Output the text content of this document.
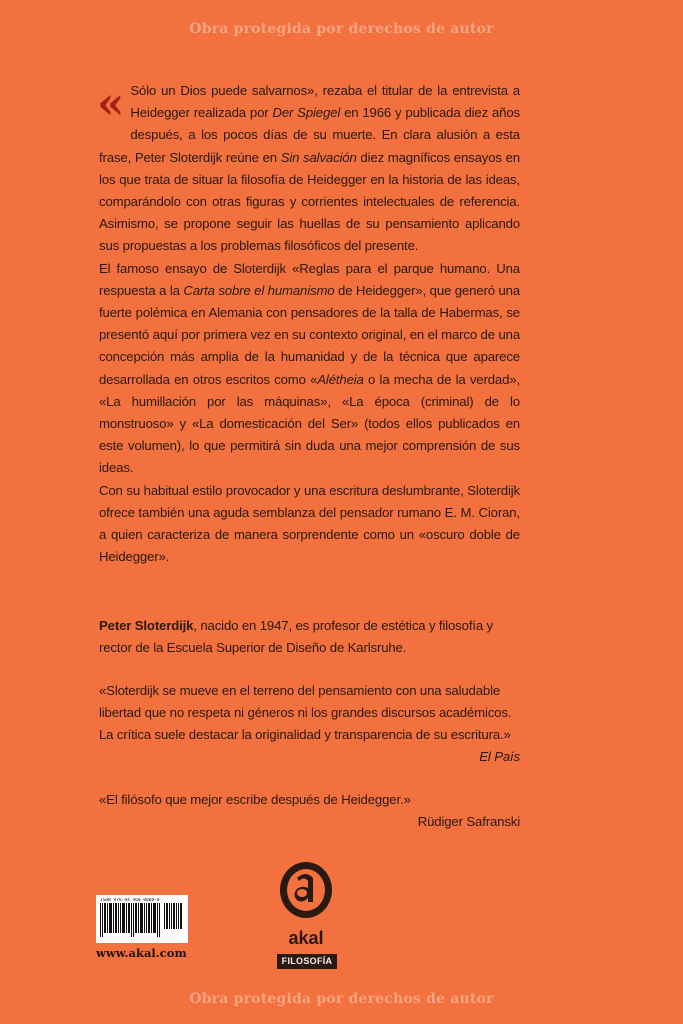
Obra protegida por derechos de autor
« Sólo un Dios puede salvarnos», rezaba el titular de la entrevista a Heidegger realizada por Der Spiegel en 1966 y publicada diez años después, a los pocos días de su muerte. En clara alusión a esta frase, Peter Sloterdijk reúne en Sin salvación diez magníficos ensayos en los que trata de situar la filosofía de Heidegger en la historia de las ideas, comparándolo con otras figuras y corrientes intelectuales de referencia. Asimismo, se propone seguir las huellas de su pensamiento aplicando sus propuestas a los problemas filosóficos del presente.

El famoso ensayo de Sloterdijk «Reglas para el parque humano. Una respuesta a la Carta sobre el humanismo de Heidegger», que generó una fuerte polémica en Alemania con pensadores de la talla de Habermas, se presentó aquí por primera vez en su contexto original, en el marco de una concepción más amplia de la humanidad y de la técnica que aparece desarrollada en otros escritos como «Alétheia o la mecha de la verdad», «La humillación por las máquinas», «La época (criminal) de lo monstruoso» y «La domesticación del Ser» (todos ellos publicados en este volumen), lo que permitirá sin duda una mejor comprensión de sus ideas.

Con su habitual estilo provocador y una escritura deslumbrante, Sloterdijk ofrece también una aguda semblanza del pensador rumano E. M. Cioran, a quien caracteriza de manera sorprendente como un «oscuro doble de Heidegger».

Peter Sloterdijk, nacido en 1947, es profesor de estética y filosofía y rector de la Escuela Superior de Diseño de Karlsruhe.

«Sloterdijk se mueve en el terreno del pensamiento con una saludable libertad que no respeta ni géneros ni los grandes discursos académicos. La crítica suele destacar la originalidad y transparencia de su escritura.»

El País

«El filósofo que mejor escribe después de Heidegger.»

Rüdiger Safranski
ISBN 978-84-460-0000-0
www.akal.com
akal
FILOSOFÍA
Obra protegida por derechos de autor
